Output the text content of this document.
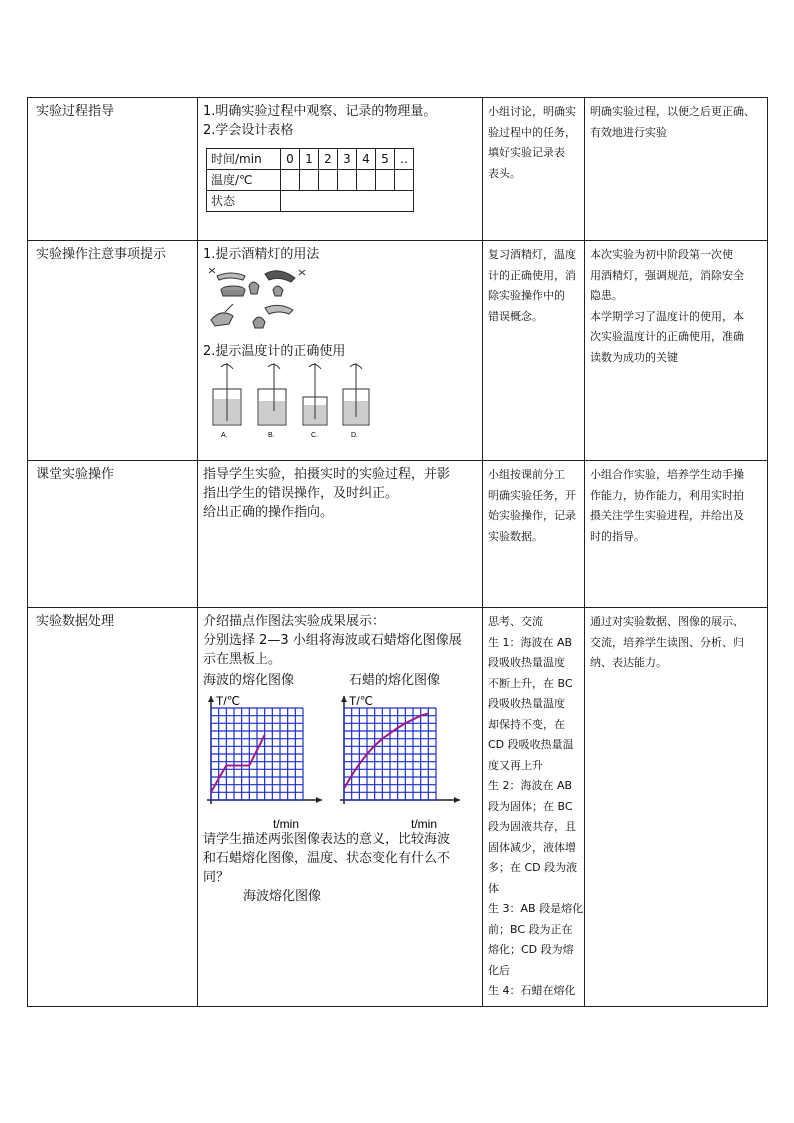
实验过程指导	1.明确实验过程中观察、记录的物理量。
2.学会设计表格
时间/min	0	1	2	3	4	5	‥
温度/℃							
状态	

小组讨论，明确实
验过程中的任务，
填好实验记录表
表头。

明确实验过程，以便之后更正确、
有效地进行实验

实验操作注意事项提示	1.提示酒精灯的用法
2.提示温度计的正确使用
A.	B.	C.	D.

复习酒精灯，温度
计的正确使用，消
除实验操作中的
错误概念。

本次实验为初中阶段第一次使
用酒精灯，强调规范，消除安全
隐患。
本学期学习了温度计的使用，本
次实验温度计的正确使用，准确
读数为成功的关键

课堂实验操作	指导学生实验，拍摄实时的实验过程，并影
指出学生的错误操作，及时纠正。
给出正确的操作指向。

小组按课前分工
明确实验任务，开
始实验操作，记录
实验数据。

小组合作实验，培养学生动手操
作能力，协作能力，利用实时拍
摄关注学生实验进程，并给出及
时的指导。

实验数据处理	介绍描点作图法实验成果展示：
分别选择 2—3 小组将海波或石蜡熔化图像展
示在黑板上。
海波的熔化图像	石蜡的熔化图像
T/℃
t/min
T/℃
t/min
请学生描述两张图像表达的意义，比较海波
和石蜡熔化图像，温度、状态变化有什么不
同？
海波熔化图像

思考、交流
生 1：海波在 AB
段吸收热量温度
不断上升，在 BC
段吸收热量温度
却保持不变，在
CD 段吸收热量温
度又再上升
生 2：海波在 AB
段为固体；在 BC
段为固液共存，且
固体减少，液体增
多；在 CD 段为液
体
生 3：AB 段是熔化
前；BC 段为正在
熔化；CD 段为熔
化后
生 4：石蜡在熔化

通过对实验数据、图像的展示、
交流，培养学生读图、分析、归
纳、表达能力。
